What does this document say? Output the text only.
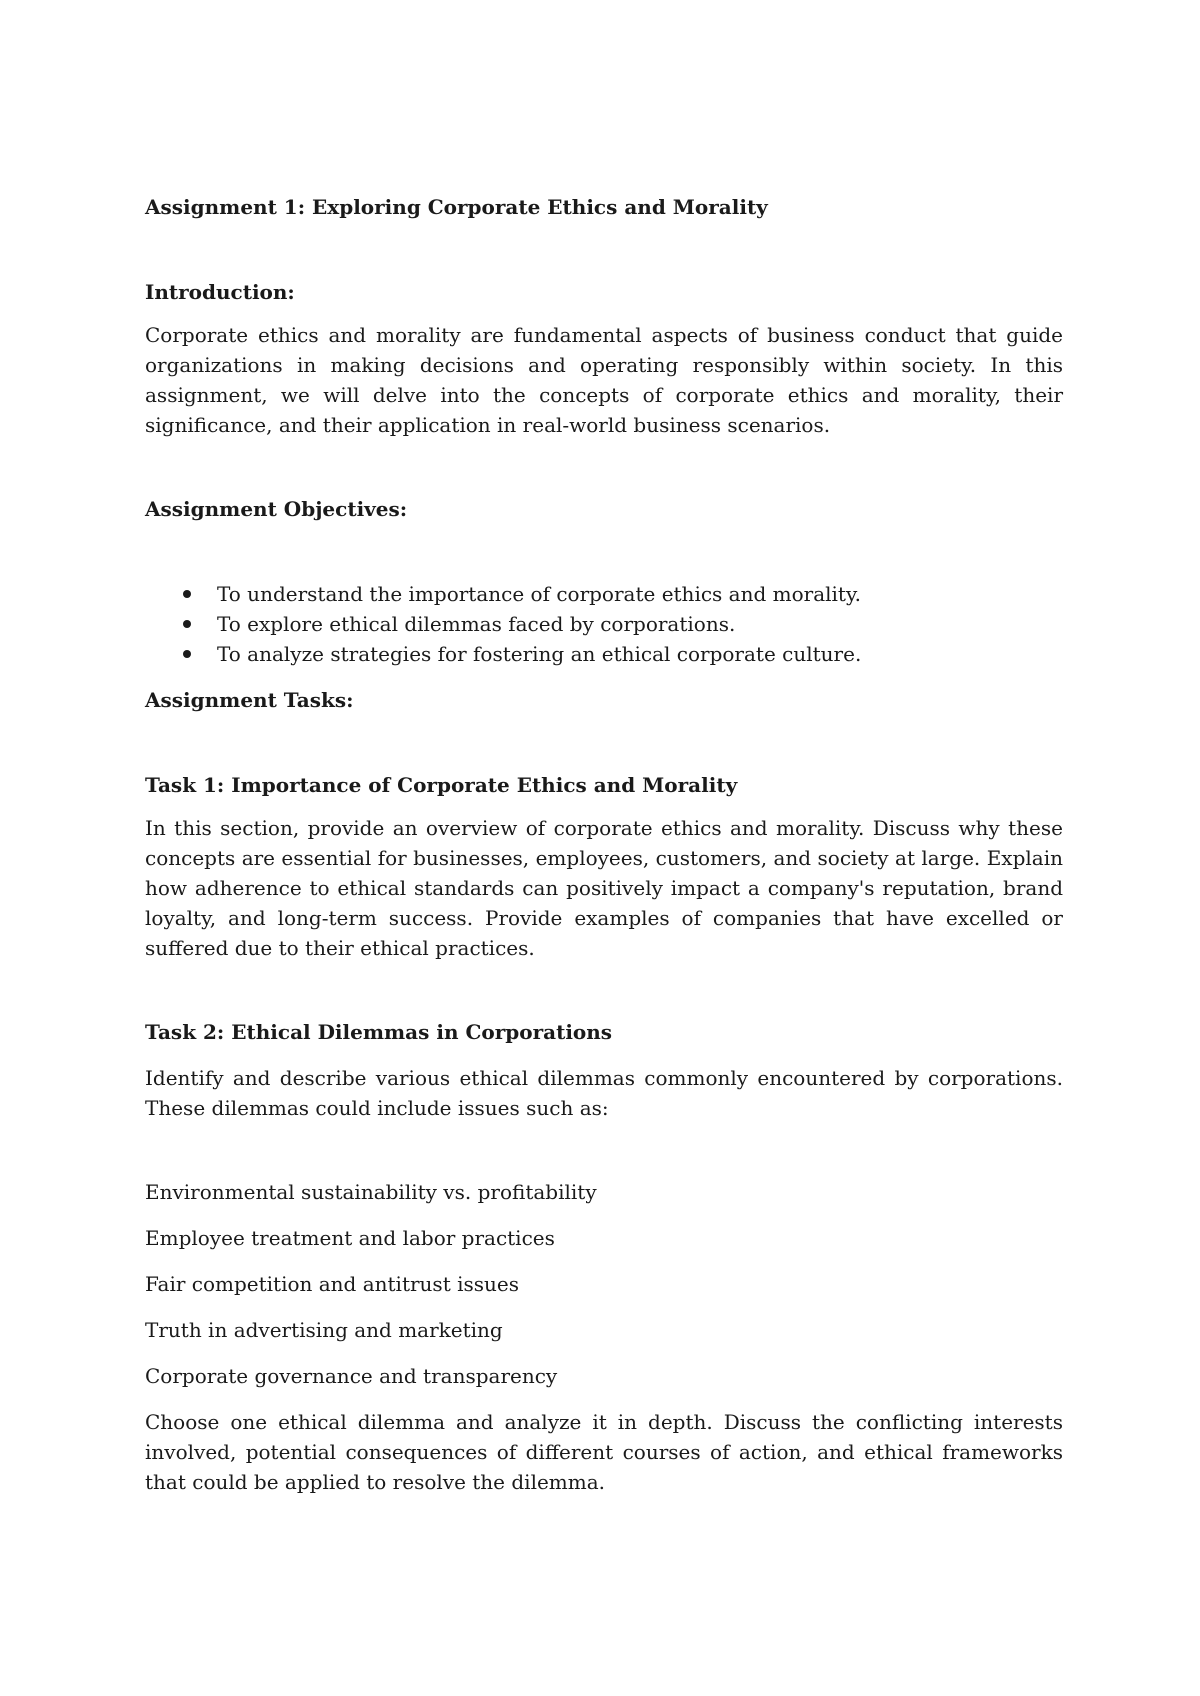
Assignment 1: Exploring Corporate Ethics and Morality
Introduction:

Corporate ethics and morality are fundamental aspects of business conduct that guide organizations in making decisions and operating responsibly within society. In this assignment, we will delve into the concepts of corporate ethics and morality, their significance, and their application in real-world business scenarios.

Assignment Objectives:
To understand the importance of corporate ethics and morality.
To explore ethical dilemmas faced by corporations.
To analyze strategies for fostering an ethical corporate culture.
Assignment Tasks:
Task 1: Importance of Corporate Ethics and Morality

In this section, provide an overview of corporate ethics and morality. Discuss why these concepts are essential for businesses, employees, customers, and society at large. Explain how adherence to ethical standards can positively impact a company's reputation, brand loyalty, and long-term success. Provide examples of companies that have excelled or suffered due to their ethical practices.

Task 2: Ethical Dilemmas in Corporations

Identify and describe various ethical dilemmas commonly encountered by corporations. These dilemmas could include issues such as:

Environmental sustainability vs. profitability
Employee treatment and labor practices
Fair competition and antitrust issues
Truth in advertising and marketing
Corporate governance and transparency

Choose one ethical dilemma and analyze it in depth. Discuss the conflicting interests involved, potential consequences of different courses of action, and ethical frameworks that could be applied to resolve the dilemma.
